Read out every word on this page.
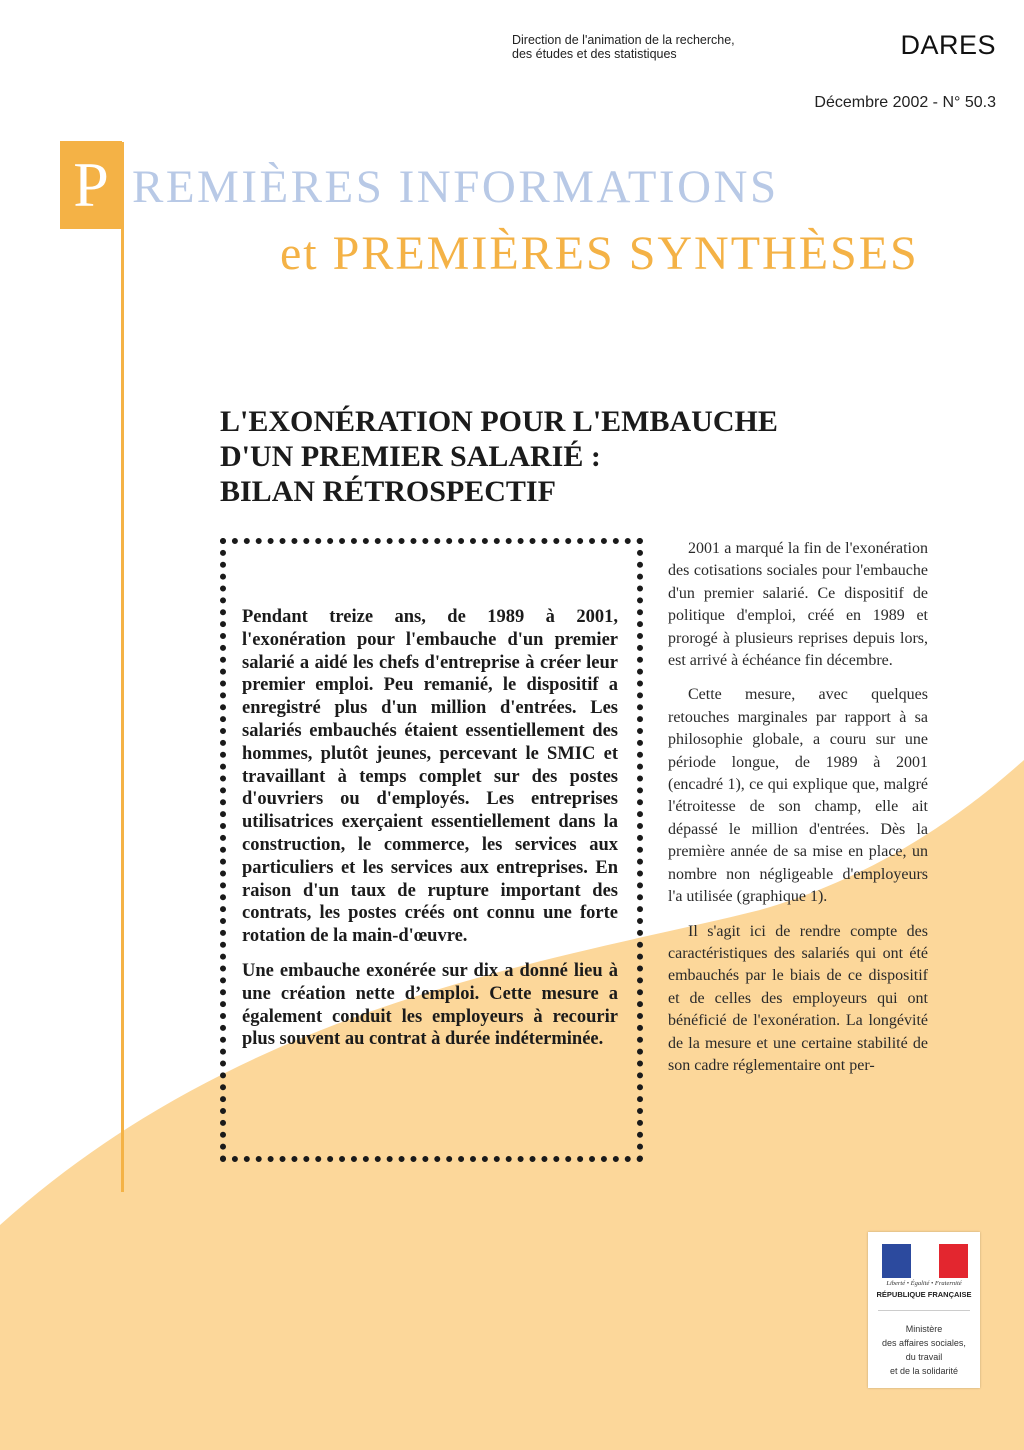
Direction de l'animation de la recherche,
des études et des statistiques	DARES
Décembre 2002 - N° 50.3
P REMIÈRES INFORMATIONS
et PREMIÈRES SYNTHÈSES
L'EXONÉRATION POUR L'EMBAUCHE
D'UN PREMIER SALARIÉ :
BILAN RÉTROSPECTIF

Pendant treize ans, de 1989 à 2001, l'exonération pour l'embauche d'un premier salarié a aidé les chefs d'entreprise à créer leur premier emploi. Peu remanié, le dispositif a enregistré plus d'un million d'entrées. Les salariés embauchés étaient essentiellement des hommes, plutôt jeunes, percevant le SMIC et travaillant à temps complet sur des postes d'ouvriers ou d'employés. Les entreprises utilisatrices exerçaient essentiellement dans la construction, le commerce, les services aux particuliers et les services aux entreprises. En raison d'un taux de rupture important des contrats, les postes créés ont connu une forte rotation de la main-d'œuvre.

Une embauche exonérée sur dix a donné lieu à une création nette d’emploi. Cette mesure a également conduit les employeurs à recourir plus souvent au contrat à durée indéterminée.

2001 a marqué la fin de l'exonération des cotisations sociales pour l'embauche d'un premier salarié. Ce dispositif de politique d'emploi, créé en 1989 et prorogé à plusieurs reprises depuis lors, est arrivé à échéance fin décembre.

Cette mesure, avec quelques retouches marginales par rapport à sa philosophie globale, a couru sur une période longue, de 1989 à 2001 (encadré 1), ce qui explique que, malgré l'étroitesse de son champ, elle ait dépassé le million d'entrées. Dès la première année de sa mise en place, un nombre non négligeable d'employeurs l'a utilisée (graphique 1).

Il s'agit ici de rendre compte des caractéristiques des salariés qui ont été embauchés par le biais de ce dispositif et de celles des employeurs qui ont bénéficié de l'exonération. La longévité de la mesure et une certaine stabilité de son cadre réglementaire ont per-

Liberté • Égalité • Fraternité
RÉPUBLIQUE FRANÇAISE
Ministère
des affaires sociales,
du travail
et de la solidarité
